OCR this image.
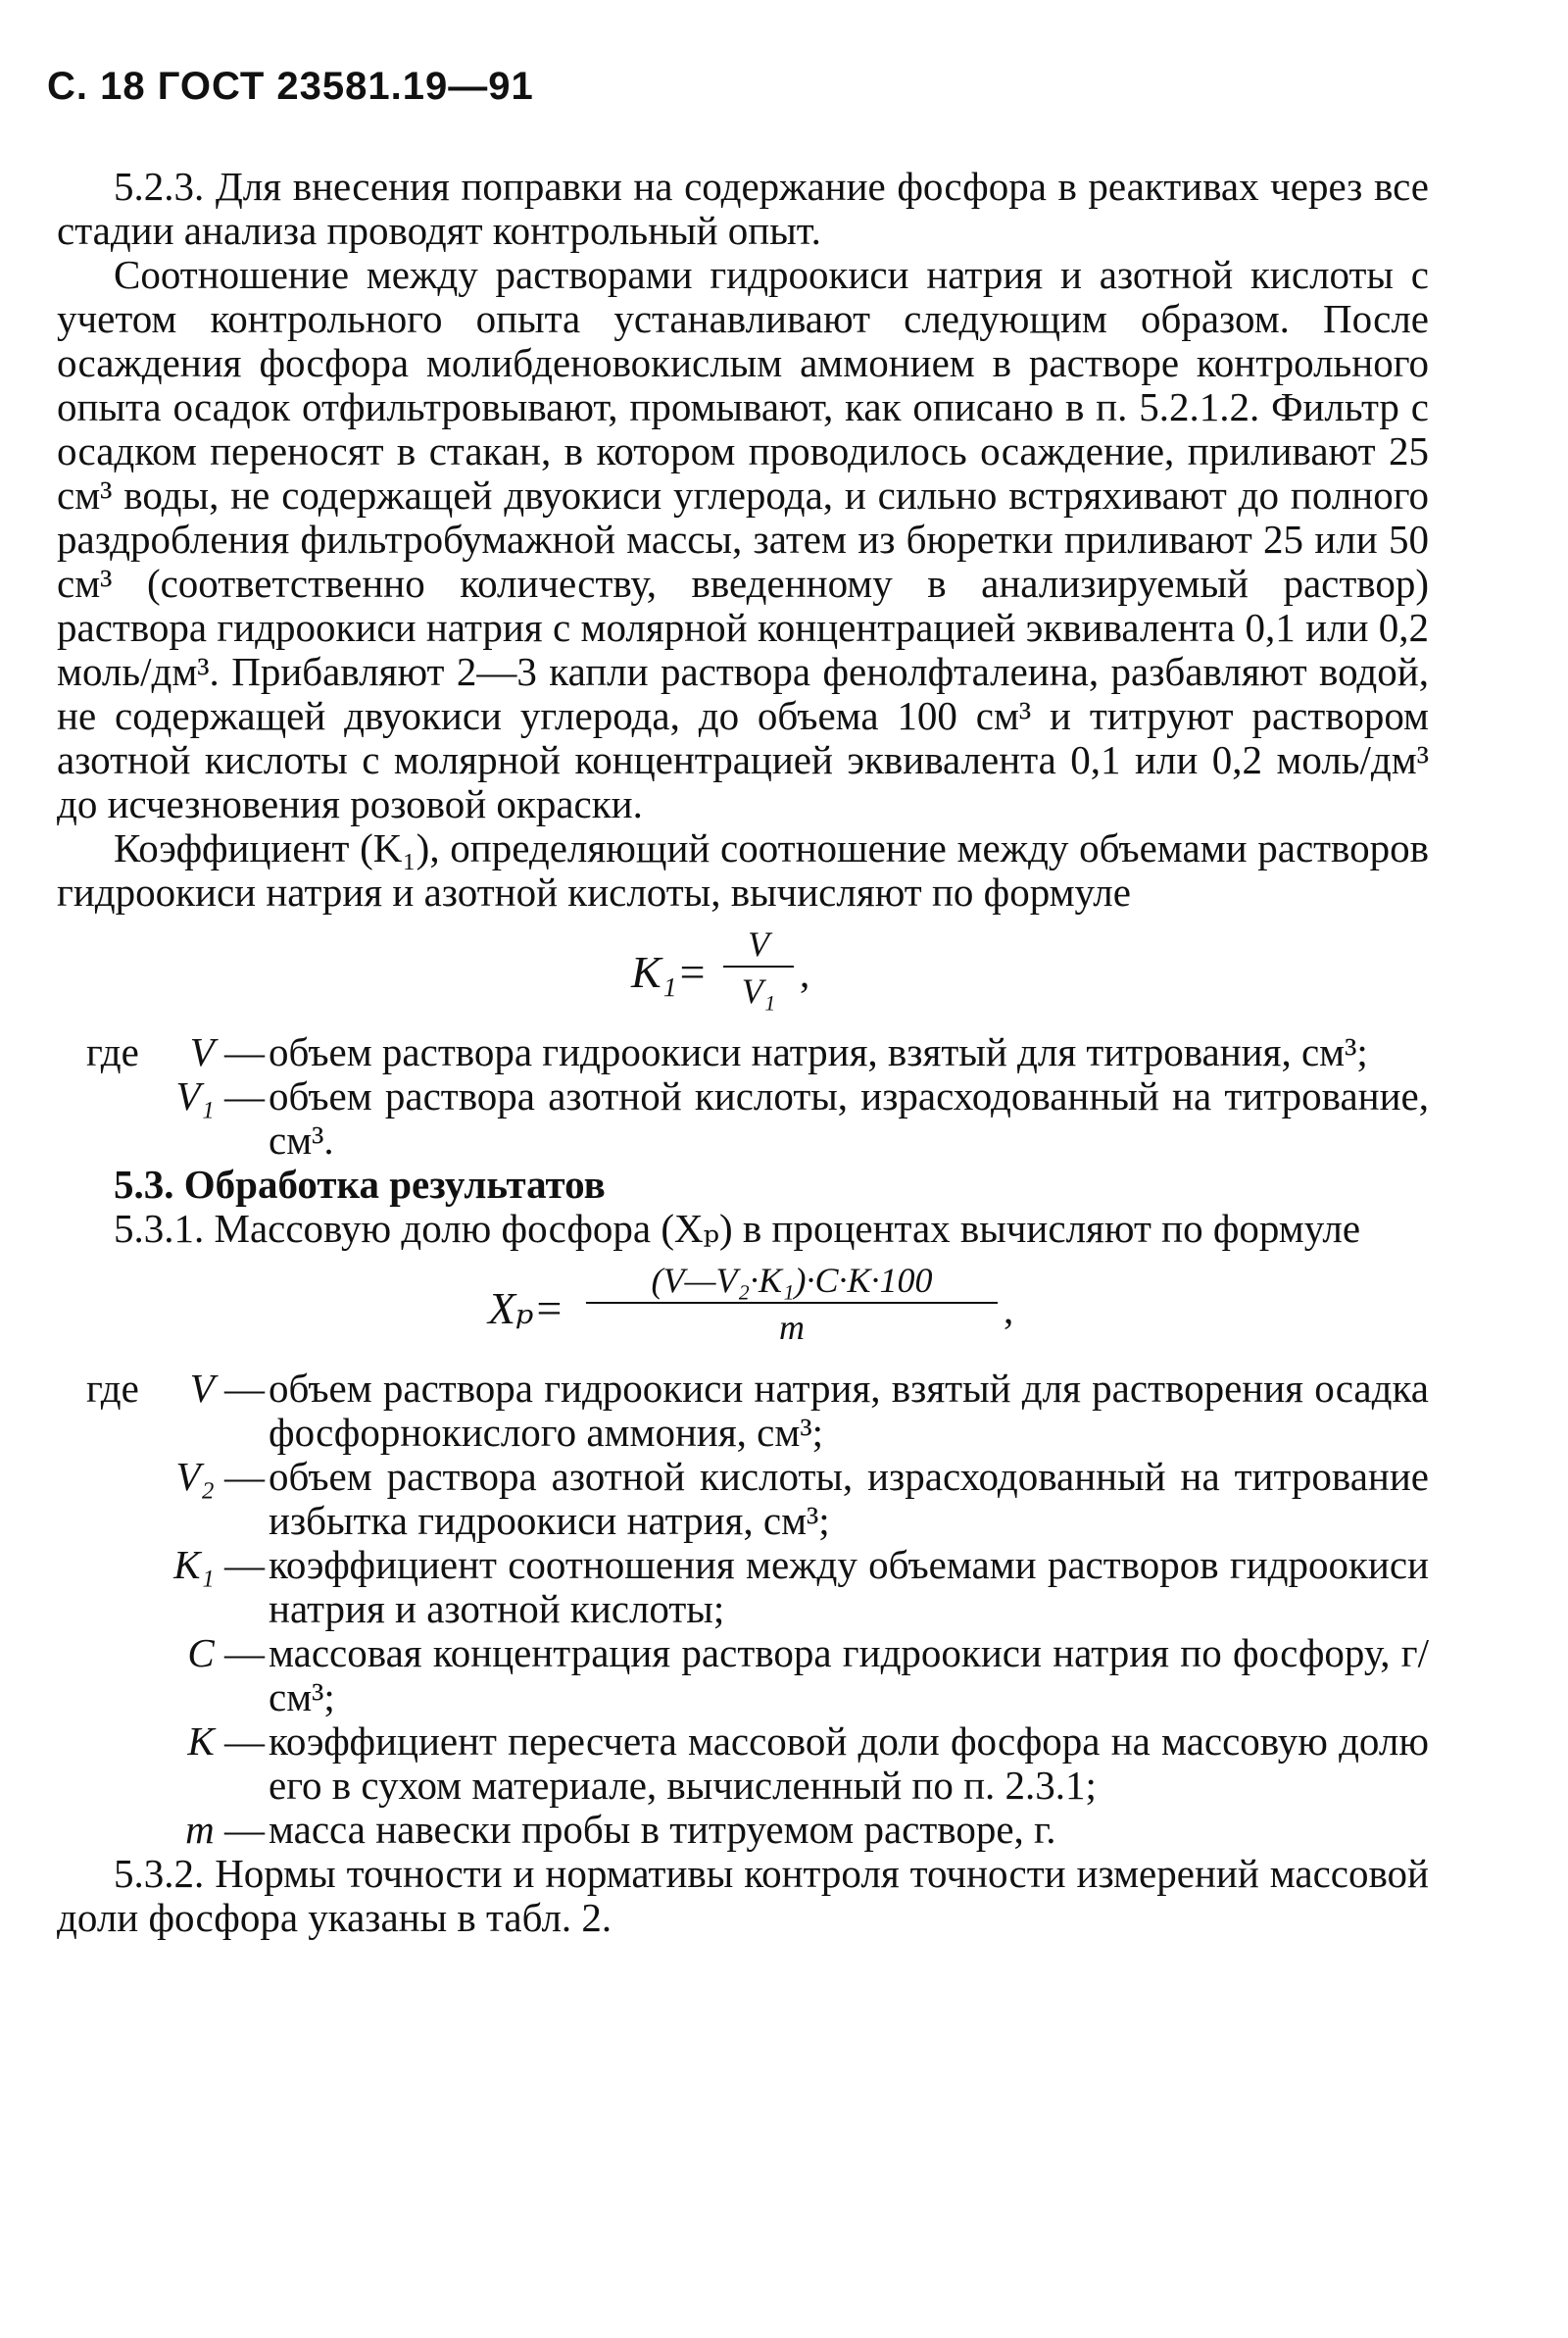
С. 18 ГОСТ 23581.19—91

5.2.3. Для внесения поправки на содержание фосфора в реактивах через все стадии анализа проводят контрольный опыт.

Соотношение между растворами гидроокиси натрия и азотной кислоты с учетом контрольного опыта устанавливают следующим образом. После осаждения фосфора молибденовокислым аммонием в растворе контрольного опыта осадок отфильтровывают, промывают, как описано в п. 5.2.1.2. Фильтр с осадком переносят в стакан, в котором проводилось осаждение, приливают 25 см³ воды, не содержащей двуокиси углерода, и сильно встряхивают до полного раздробления фильтробумажной массы, затем из бюретки приливают 25 или 50 см³ (соответственно количеству, введенному в анализируемый раствор) раствора гидроокиси натрия с молярной концентрацией эквивалента 0,1 или 0,2 моль/дм³. Прибавляют 2—3 капли раствора фенолфталеина, разбавляют водой, не содержащей двуокиси углерода, до объема 100 см³ и титруют раствором азотной кислоты с молярной концентрацией эквивалента 0,1 или 0,2 моль/дм³ до исчезновения розовой окраски.

Коэффициент (K₁), определяющий соотношение между объемами растворов гидроокиси натрия и азотной кислоты, вычисляют по формуле

K₁=
V
V₁ ,
где V — объем раствора гидроокиси натрия, взятый для титрования, см³;
V₁ — объем раствора азотной кислоты, израсходованный на титрование, см³.

5.3. Обработка результатов

5.3.1. Массовую долю фосфора (Xₚ) в процентах вычисляют по формуле

Xₚ=
(V—V₂·K₁)·C·K·100
m	,
где V — объем раствора гидроокиси натрия, взятый для растворения осадка фосфорнокислого аммония, см³;
V₂ — объем раствора азотной кислоты, израсходованный на титрование избытка гидроокиси натрия, см³;
K₁ — коэффициент соотношения между объемами растворов гидроокиси натрия и азотной кислоты;
C — массовая концентрация раствора гидроокиси натрия по фосфору, г/см³;
K — коэффициент пересчета массовой доли фосфора на массовую долю его в сухом материале, вычисленный по п. 2.3.1;
m — масса навески пробы в титруемом растворе, г.

5.3.2. Нормы точности и нормативы контроля точности измерений массовой доли фосфора указаны в табл. 2.
